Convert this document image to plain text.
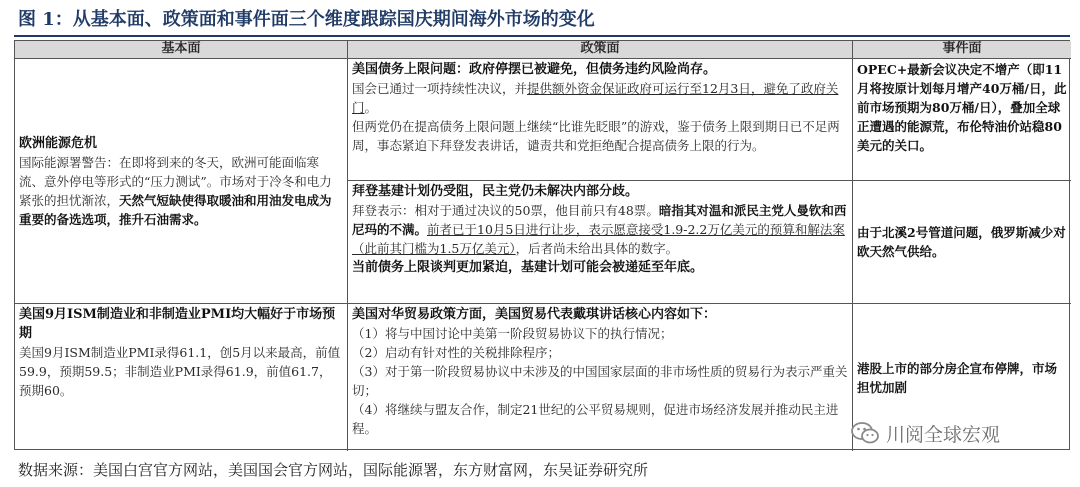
图 1：从基本面、政策面和事件面三个维度跟踪国庆期间海外市场的变化
基本面	政策面	事件面
欧洲能源危机
国际能源署警告：在即将到来的冬天，欧洲可能面临寒流、意外停电等形式的“压力测试”。市场对于冷冬和电力紧张的担忧渐浓，天然气短缺使得取暖油和用油发电成为重要的备选选项，推升石油需求。
美国债务上限问题：政府停摆已被避免，但债务违约风险尚存。
国会已通过一项持续性决议，并提供额外资金保证政府可运行至12月3日，避免了政府关门。
但两党仍在提高债务上限问题上继续“比谁先眨眼”的游戏，鉴于债务上限到期日已不足两周，事态紧迫下拜登发表讲话，谴责共和党拒绝配合提高债务上限的行为。
OPEC+最新会议决定不增产（即11月将按原计划每月增产40万桶/日，此前市场预期为80万桶/日），叠加全球正遭遇的能源荒，布伦特油价站稳80美元的关口。
拜登基建计划仍受阻，民主党仍未解决内部分歧。
拜登表示：相对于通过决议的50票，他目前只有48票。暗指其对温和派民主党人曼钦和西尼玛的不满。前者已于10月5日进行让步，表示愿意接受1.9-2.2万亿美元的预算和解法案（此前其门槛为1.5万亿美元），后者尚未给出具体的数字。
当前债务上限谈判更加紧迫，基建计划可能会被递延至年底。
由于北溪2号管道问题，俄罗斯减少对欧天然气供给。
美国9月ISM制造业和非制造业PMI均大幅好于市场预期
美国9月ISM制造业PMI录得61.1，创5月以来最高，前值59.9，预期59.5；非制造业PMI录得61.9，前值61.7，预期60。
美国对华贸易政策方面，美国贸易代表戴琪讲话核心内容如下：
（1）将与中国讨论中美第一阶段贸易协议下的执行情况；
（2）启动有针对性的关税排除程序；
（3）对于第一阶段贸易协议中未涉及的中国国家层面的非市场性质的贸易行为表示严重关切；
（4）将继续与盟友合作，制定21世纪的公平贸易规则，促进市场经济发展并推动民主进程。
港股上市的部分房企宣布停牌，市场担忧加剧
川阅全球宏观
数据来源：美国白宫官方网站，美国国会官方网站，国际能源署，东方财富网，东吴证券研究所
